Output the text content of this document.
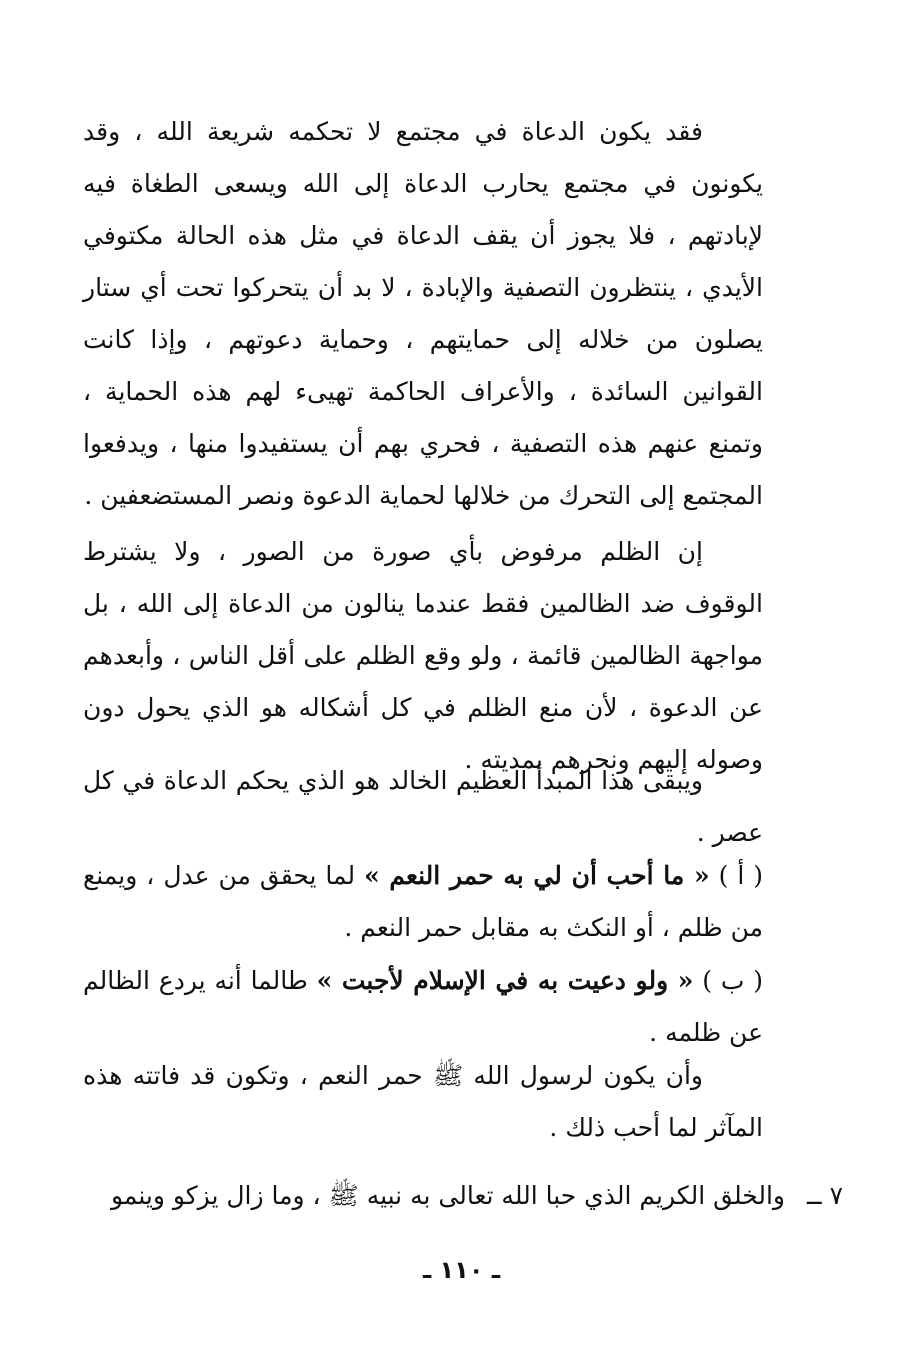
فقد يكون الدعاة في مجتمع لا تحكمه شريعة الله ، وقد يكونون في مجتمع يحارب الدعاة إلى الله ويسعى الطغاة فيه لإبادتهم ، فلا يجوز أن يقف الدعاة في مثل هذه الحالة مكتوفي الأيدي ، ينتظرون التصفية والإبادة ، لا بد أن يتحركوا تحت أي ستار يصلون من خلاله إلى حمايتهم ، وحماية دعوتهم ، وإذا كانت القوانين السائدة ، والأعراف الحاكمة تهيىء لهم هذه الحماية ، وتمنع عنهم هذه التصفية ، فحري بهم أن يستفيدوا منها ، ويدفعوا المجتمع إلى التحرك من خلالها لحماية الدعوة ونصر المستضعفين .

إن الظلم مرفوض بأي صورة من الصور ، ولا يشترط الوقوف ضد الظالمين فقط عندما ينالون من الدعاة إلى الله ، بل مواجهة الظالمين قائمة ، ولو وقع الظلم على أقل الناس ، وأبعدهم عن الدعوة ، لأن منع الظلم في كل أشكاله هو الذي يحول دون وصوله إليهم ونحرهم بمديته .

ويبقى هذا المبدأ العظيم الخالد هو الذي يحكم الدعاة في كل عصر .

( أ ) « ما أحب أن لي به حمر النعم » لما يحقق من عدل ، ويمنع من ظلم ، أو النكث به مقابل حمر النعم .
( ب ) « ولو دعيت به في الإسلام لأجبت » طالما أنه يردع الظالم عن ظلمه .

وأن يكون لرسول الله ﷺ حمر النعم ، وتكون قد فاتته هذه المآثر لما أحب ذلك .

٧ ــ والخلق الكريم الذي حبا الله تعالى به نبيه ﷺ ، وما زال يزكو وينمو
ـ ١١٠ ـ
